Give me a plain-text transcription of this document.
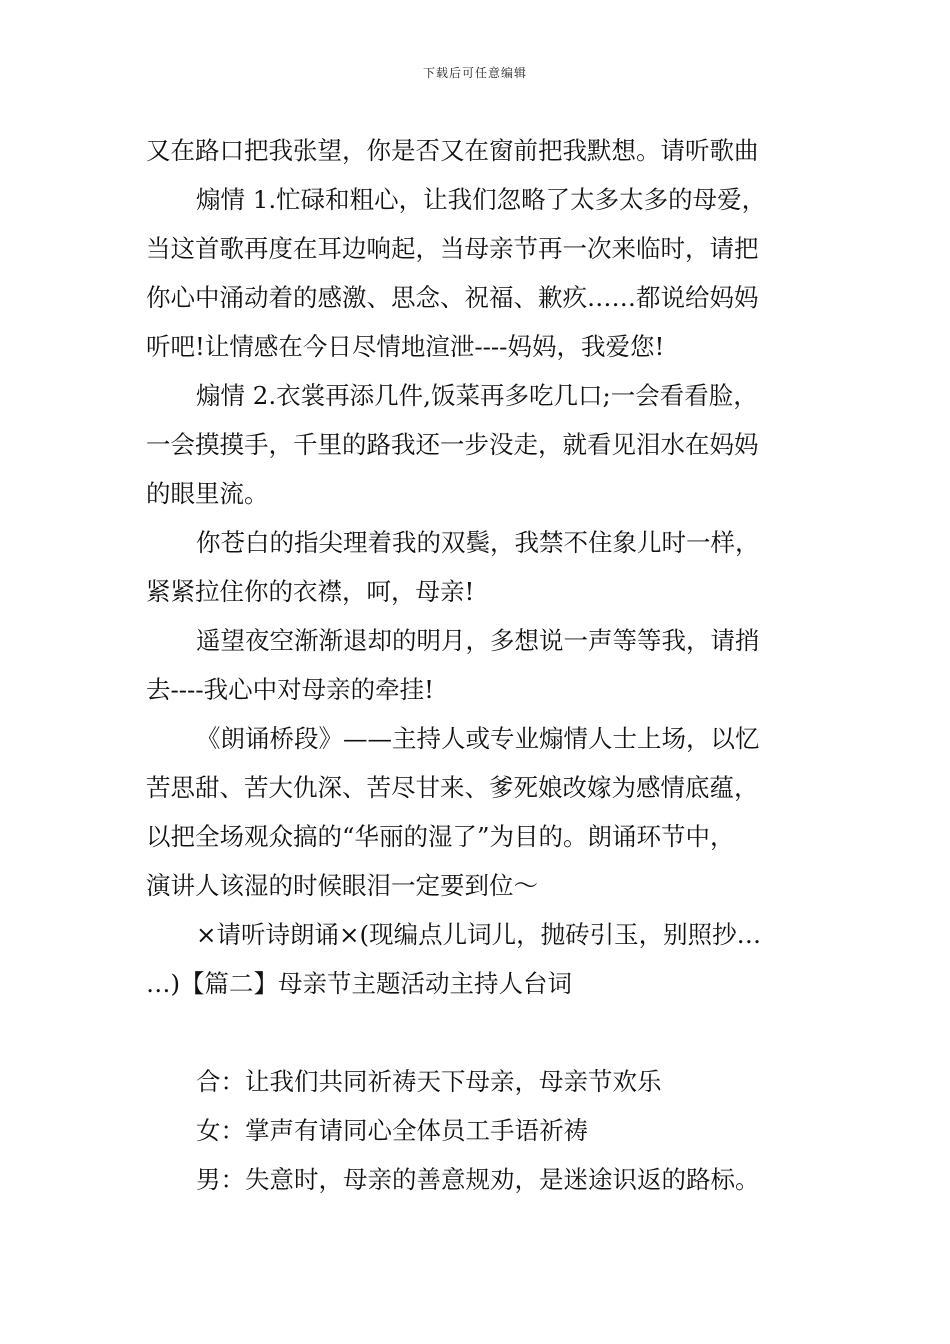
下载后可任意编辑
又在路口把我张望，你是否又在窗前把我默想。请听歌曲
煽情 1.忙碌和粗心，让我们忽略了太多太多的母爱，
当这首歌再度在耳边响起，当母亲节再一次来临时，请把
你心中涌动着的感激、思念、祝福、歉疚……都说给妈妈
听吧!让情感在今日尽情地渲泄----妈妈，我爱您!
煽情 2.衣裳再添几件,饭菜再多吃几口;一会看看脸，
一会摸摸手，千里的路我还一步没走，就看见泪水在妈妈
的眼里流。
你苍白的指尖理着我的双鬓，我禁不住象儿时一样，
紧紧拉住你的衣襟，呵，母亲!
遥望夜空渐渐退却的明月，多想说一声等等我，请捎
去----我心中对母亲的牵挂!
《朗诵桥段》——主持人或专业煽情人士上场，以忆
苦思甜、苦大仇深、苦尽甘来、爹死娘改嫁为感情底蕴，
以把全场观众搞的“华丽的湿了”为目的。朗诵环节中，
演讲人该湿的时候眼泪一定要到位～
×请听诗朗诵×(现编点儿词儿，抛砖引玉，别照抄…
…)【篇二】母亲节主题活动主持人台词
合：让我们共同祈祷天下母亲，母亲节欢乐
女：掌声有请同心全体员工手语祈祷
男：失意时，母亲的善意规劝，是迷途识返的路标。
